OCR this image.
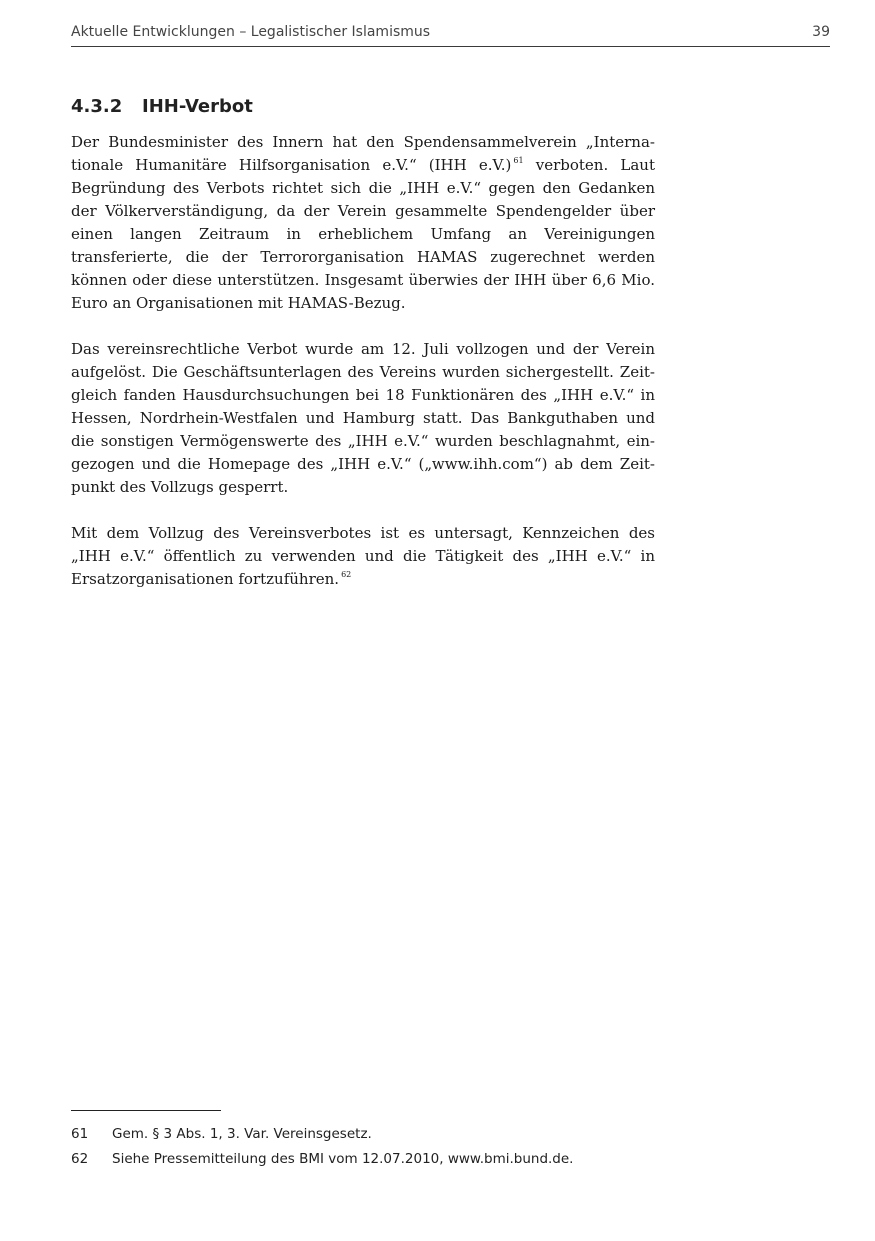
Aktuelle Entwicklungen – Legalistischer Islamismus	39
4.3.2 IHH-Verbot

Der Bundesminister des Innern hat den Spendensammelverein „Internationale Humanitäre Hilfsorganisation e.V.“ (IHH e.V.) $^{61}$ verboten. Laut Begründung des Verbots richtet sich die „IHH e.V.“ gegen den Gedanken der Völkerverständigung, da der Verein gesammelte Spendengelder über einen langen Zeitraum in erheblichem Umfang an Vereinigungen transferierte, die der Terrororganisation HAMAS zugerechnet werden können oder diese unterstützen. Insgesamt überwies der IHH über 6,6 Mio. Euro an Organisationen mit HAMAS-Bezug.

Das vereinsrechtliche Verbot wurde am 12. Juli vollzogen und der Verein aufgelöst. Die Geschäftsunterlagen des Vereins wurden sichergestellt. Zeitgleich fanden Hausdurchsuchungen bei 18 Funktionären des „IHH e.V.“ in Hessen, Nordrhein-Westfalen und Hamburg statt. Das Bankguthaben und die sonstigen Vermögenswerte des „IHH e.V.“ wurden beschlagnahmt, eingezogen und die Homepage des „IHH e.V.“ („www.ihh.com“) ab dem Zeitpunkt des Vollzugs gesperrt.

Mit dem Vollzug des Vereinsverbotes ist es untersagt, Kennzeichen des „IHH e.V.“ öffentlich zu verwenden und die Tätigkeit des „IHH e.V.“ in Ersatzorganisationen fortzuführen. $^{62}$

61 Gem. § 3 Abs. 1, 3. Var. Vereinsgesetz.
62 Siehe Pressemitteilung des BMI vom 12.07.2010, www.bmi.bund.de.
